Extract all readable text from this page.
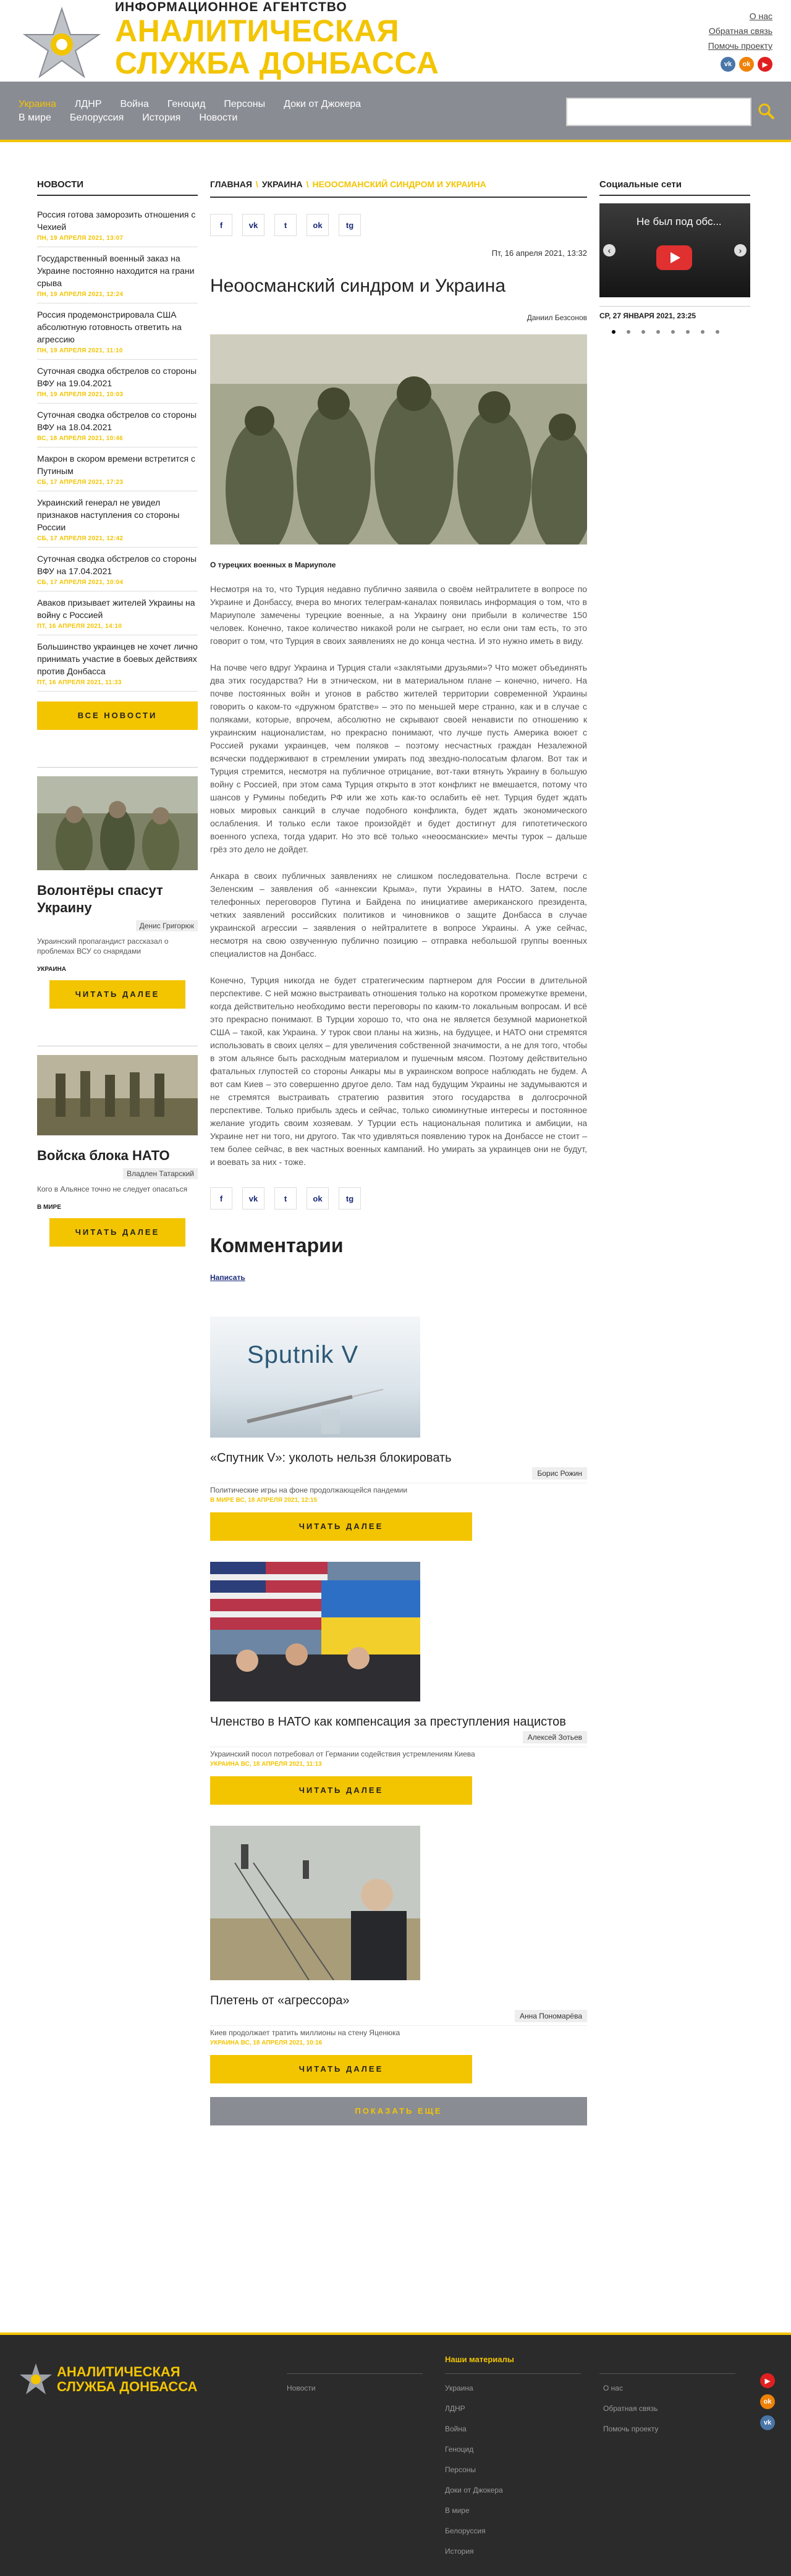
ИНФОРМАЦИОННОЕ АГЕНТСТВО
АНАЛИТИЧЕСКАЯ
СЛУЖБА ДОНБАССА
О нас
Обратная связь
Помочь проекту
vk	ok	▶
Украина ЛДНР Война Геноцид Персоны Доки от Джокера
В мире Белоруссия История Новости
НОВОСТИ
Россия готова заморозить отношения с Чехией
ПН, 19 АПРЕЛЯ 2021, 13:07
Государственный военный заказ на Украине постоянно находится на грани срыва
ПН, 19 АПРЕЛЯ 2021, 12:24
Россия продемонстрировала США абсолютную готовность ответить на агрессию
ПН, 19 АПРЕЛЯ 2021, 11:10
Суточная сводка обстрелов со стороны ВФУ на 19.04.2021
ПН, 19 АПРЕЛЯ 2021, 10:03
Суточная сводка обстрелов со стороны ВФУ на 18.04.2021
ВС, 18 АПРЕЛЯ 2021, 10:46
Макрон в скором времени встретится с Путиным
СБ, 17 АПРЕЛЯ 2021, 17:23
Украинский генерал не увидел признаков наступления со стороны России
СБ, 17 АПРЕЛЯ 2021, 12:42
Суточная сводка обстрелов со стороны ВФУ на 17.04.2021
СБ, 17 АПРЕЛЯ 2021, 10:04
Аваков призывает жителей Украины на войну с Россией
ПТ, 16 АПРЕЛЯ 2021, 14:10
Большинство украинцев не хочет лично принимать участие в боевых действиях против Донбасса
ПТ, 16 АПРЕЛЯ 2021, 11:33
ВСЕ НОВОСТИ
Волонтёры спасут Украину
Денис Григорюк
Украинский пропагандист рассказал о проблемах ВСУ со снарядами
УКРАИНА
ЧИТАТЬ ДАЛЕЕ
Войска блока НАТО
Владлен Татарский
Кого в Альянсе точно не следует опасаться
В МИРЕ
ЧИТАТЬ ДАЛЕЕ
ГЛАВНАЯ \ УКРАИНА \ НЕООСМАНСКИЙ СИНДРОМ И УКРАИНА
f	vk	t	ok	tg
Пт, 16 апреля 2021, 13:32
Неоосманский синдром и Украина
Даниил Безсонов
О турецких военных в Мариуполе

Несмотря на то, что Турция недавно публично заявила о своём нейтралитете в вопросе по Украине и Донбассу, вчера во многих телеграм-каналах появилась информация о том, что в Мариуполе замечены турецкие военные, а на Украину они прибыли в количестве 150 человек. Конечно, такое количество никакой роли не сыграет, но если они там есть, то это говорит о том, что Турция в своих заявлениях не до конца честна. И это нужно иметь в виду.

На почве чего вдруг Украина и Турция стали «заклятыми друзьями»? Что может объединять два этих государства? Ни в этническом, ни в материальном плане – конечно, ничего. На почве постоянных войн и угонов в рабство жителей территории современной Украины говорить о каком-то «дружном братстве» – это по меньшей мере странно, как и в случае с поляками, которые, впрочем, абсолютно не скрывают своей ненависти по отношению к украинским националистам, но прекрасно понимают, что лучше пусть Америка воюет с Россией руками украинцев, чем поляков – поэтому несчастных граждан Незалежной всячески поддерживают в стремлении умирать под звездно-полосатым флагом. Вот так и Турция стремится, несмотря на публичное отрицание, вот-таки втянуть Украину в большую войну с Россией, при этом сама Турция открыто в этот конфликт не вмешается, потому что шансов у Румины победить РФ или же хоть как-то ослабить её нет. Турция будет ждать новых мировых санкций в случае подобного конфликта, будет ждать экономического ослабления. И только если такое произойдёт и будет достигнут для гипотетического военного успеха, тогда ударит. Но это всё только «неоосманские» мечты турок – дальше грёз это дело не дойдет.

Анкара в своих публичных заявлениях не слишком последовательна. После встречи с Зеленским – заявления об «аннексии Крыма», пути Украины в НАТО. Затем, после телефонных переговоров Путина и Байдена по инициативе американского президента, четких заявлений российских политиков и чиновников о защите Донбасса в случае украинской агрессии – заявления о нейтралитете в вопросе Украины. А уже сейчас, несмотря на свою озвученную публично позицию – отправка небольшой группы военных специалистов на Донбасс.

Конечно, Турция никогда не будет стратегическим партнером для России в длительной перспективе. С ней можно выстраивать отношения только на коротком промежутке времени, когда действительно необходимо вести переговоры по каким-то локальным вопросам. И всё это прекрасно понимают. В Турции хорошо то, что она не является безумной марионеткой США – такой, как Украина. У турок свои планы на жизнь, на будущее, и НАТО они стремятся использовать в своих целях – для увеличения собственной значимости, а не для того, чтобы в этом альянсе быть расходным материалом и пушечным мясом. Поэтому действительно фатальных глупостей со стороны Анкары мы в украинском вопросе наблюдать не будем. А вот сам Киев – это совершенно другое дело. Там над будущим Украины не задумываются и не стремятся выстраивать стратегию развития этого государства в долгосрочной перспективе. Только прибыль здесь и сейчас, только сиюминутные интересы и постоянное желание угодить своим хозяевам. У Турции есть национальная политика и амбиции, на Украине нет ни того, ни другого. Так что удивляться появлению турок на Донбассе не стоит – тем более сейчас, в век частных военных кампаний. Но умирать за украинцев они не будут, и воевать за них - тоже.

f	vk	t	ok	tg
Комментарии
Написать
Sputnik V
«Спутник V»: уколоть нельзя блокировать
Борис Рожин
Политические игры на фоне продолжающейся пандемии
В МИРЕ ВС, 18 АПРЕЛЯ 2021, 12:15
ЧИТАТЬ ДАЛЕЕ
Членство в НАТО как компенсация за преступления нацистов
Алексей Зотьев
Украинский посол потребовал от Германии содействия устремлениям Киева
УКРАИНА ВС, 18 АПРЕЛЯ 2021, 11:13
ЧИТАТЬ ДАЛЕЕ
Плетень от «агрессора»
Анна Пономарёва
Киев продолжает тратить миллионы на стену Яценюка
УКРАИНА ВС, 18 АПРЕЛЯ 2021, 10:16
ЧИТАТЬ ДАЛЕЕ
ПОКАЗАТЬ ЕЩЕ
Социальные сети
Не был под обс...
‹	›
СР, 27 ЯНВАРЯ 2021, 23:25
АНАЛИТИЧЕСКАЯ
СЛУЖБА ДОНБАССА
Наши материалы
Новости	Украина
ЛДНР
Война
Геноцид
Персоны
Доки от Джокера
В мире
Белоруссия
История
О нас
Обратная связь
Помочь проекту
▶
ok
vk
